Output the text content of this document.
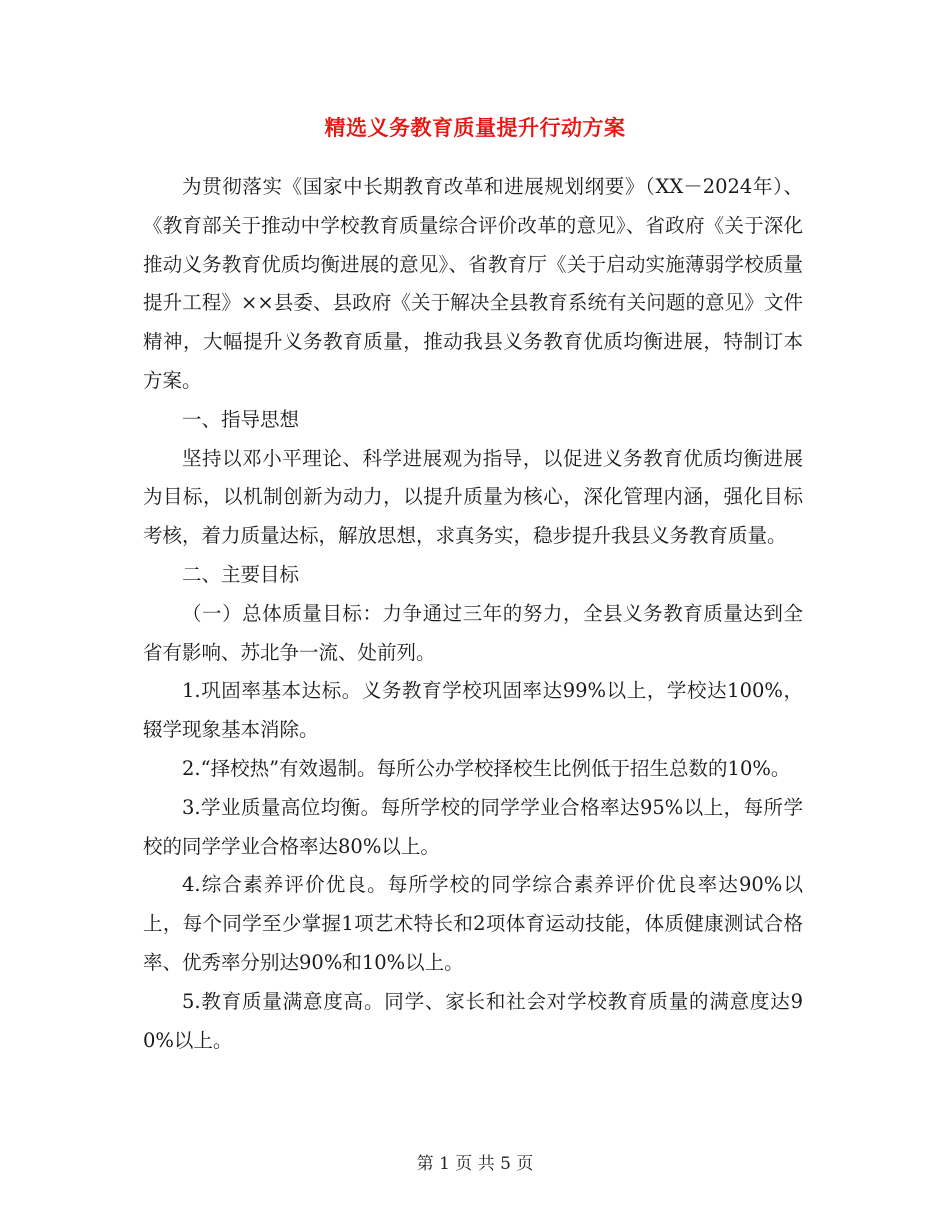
精选义务教育质量提升行动方案

为贯彻落实《国家中长期教育改革和进展规划纲要》（XX－2024年）、《教育部关于推动中学校教育质量综合评价改革的意见》、省政府《关于深化推动义务教育优质均衡进展的意见》、省教育厅《关于启动实施薄弱学校质量提升工程》××县委、县政府《关于解决全县教育系统有关问题的意见》文件精神，大幅提升义务教育质量，推动我县义务教育优质均衡进展，特制订本方案。

一、指导思想

坚持以邓小平理论、科学进展观为指导，以促进义务教育优质均衡进展为目标，以机制创新为动力，以提升质量为核心，深化管理内涵，强化目标考核，着力质量达标，解放思想，求真务实，稳步提升我县义务教育质量。

二、主要目标

（一）总体质量目标：力争通过三年的努力，全县义务教育质量达到全省有影响、苏北争一流、处前列。

1.巩固率基本达标。义务教育学校巩固率达99%以上，学校达100%，辍学现象基本消除。

2.“择校热”有效遏制。每所公办学校择校生比例低于招生总数的10%。

3.学业质量高位均衡。每所学校的同学学业合格率达95%以上，每所学校的同学学业合格率达80%以上。

4.综合素养评价优良。每所学校的同学综合素养评价优良率达90%以上，每个同学至少掌握1项艺术特长和2项体育运动技能，体质健康测试合格率、优秀率分别达90%和10%以上。

5.教育质量满意度高。同学、家长和社会对学校教育质量的满意度达90%以上。

第 1 页 共 5 页
